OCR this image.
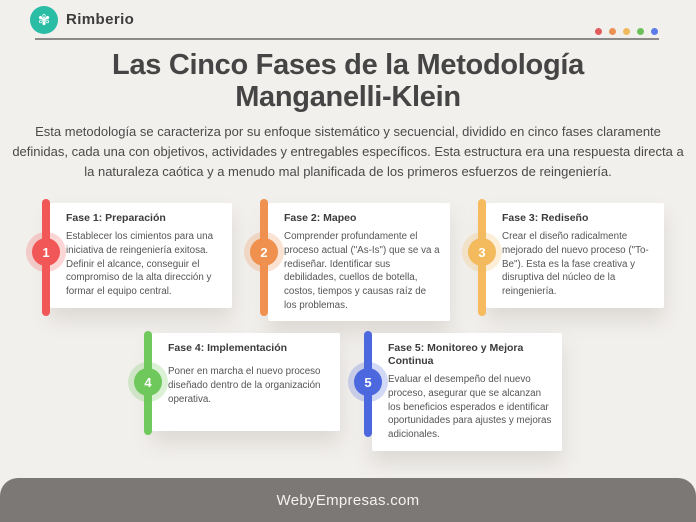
✾ Rimberio
Las Cinco Fases de la Metodología
Manganelli-Klein
Esta metodología se caracteriza por su enfoque sistemático y secuencial, dividido en cinco fases claramente definidas, cada una con objetivos, actividades y entregables específicos. Esta estructura era una respuesta directa a la naturaleza caótica y a menudo mal planificada de los primeros esfuerzos de reingeniería.
Fase 1: Preparación

Establecer los cimientos para una iniciativa de reingeniería exitosa. Definir el alcance, conseguir el compromiso de la alta dirección y formar el equipo central.

1
Fase 2: Mapeo

Comprender profundamente el proceso actual ("As-Is") que se va a rediseñar. Identificar sus debilidades, cuellos de botella, costos, tiempos y causas raíz de los problemas.

2
Fase 3: Rediseño

Crear el diseño radicalmente mejorado del nuevo proceso ("To-Be"). Esta es la fase creativa y disruptiva del núcleo de la reingeniería.

3
Fase 4: Implementación

Poner en marcha el nuevo proceso diseñado dentro de la organización operativa.

4
Fase 5: Monitoreo y Mejora Continua

Evaluar el desempeño del nuevo proceso, asegurar que se alcanzan los beneficios esperados e identificar oportunidades para ajustes y mejoras adicionales.

5
WebyEmpresas.com
